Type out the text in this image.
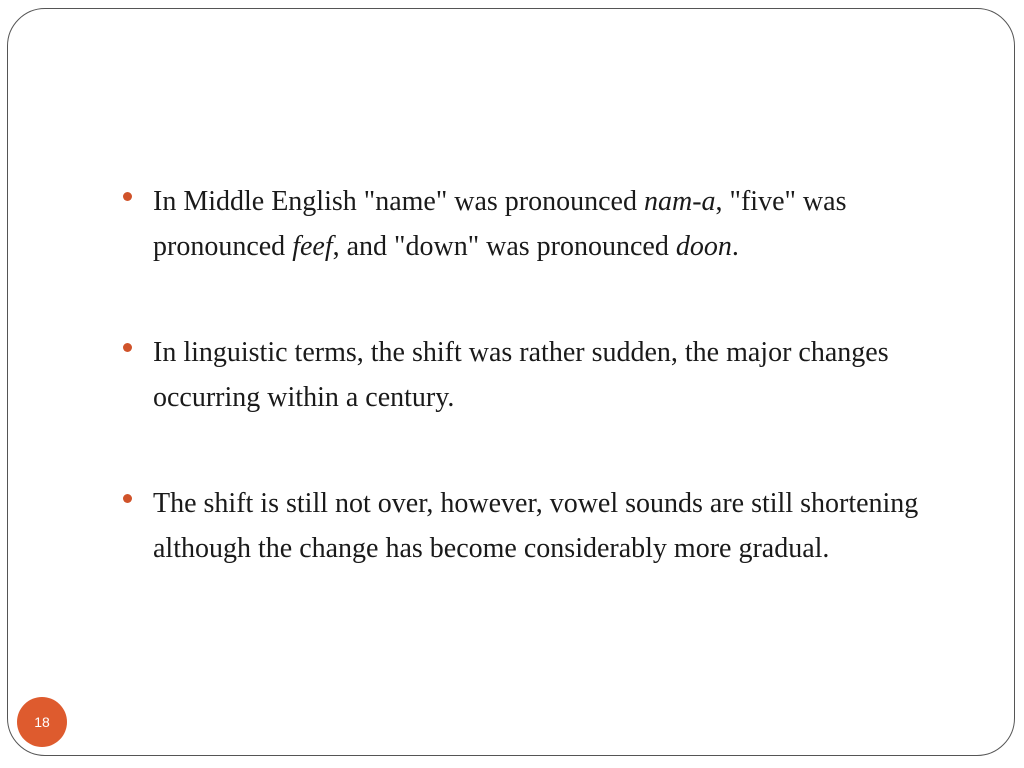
In Middle English "name" was pronounced nam-a, "five" was pronounced feef, and "down" was pronounced doon.

In linguistic terms, the shift was rather sudden, the major changes occurring within a century.

The shift is still not over, however, vowel sounds are still shortening although the change has become considerably more gradual.

18
